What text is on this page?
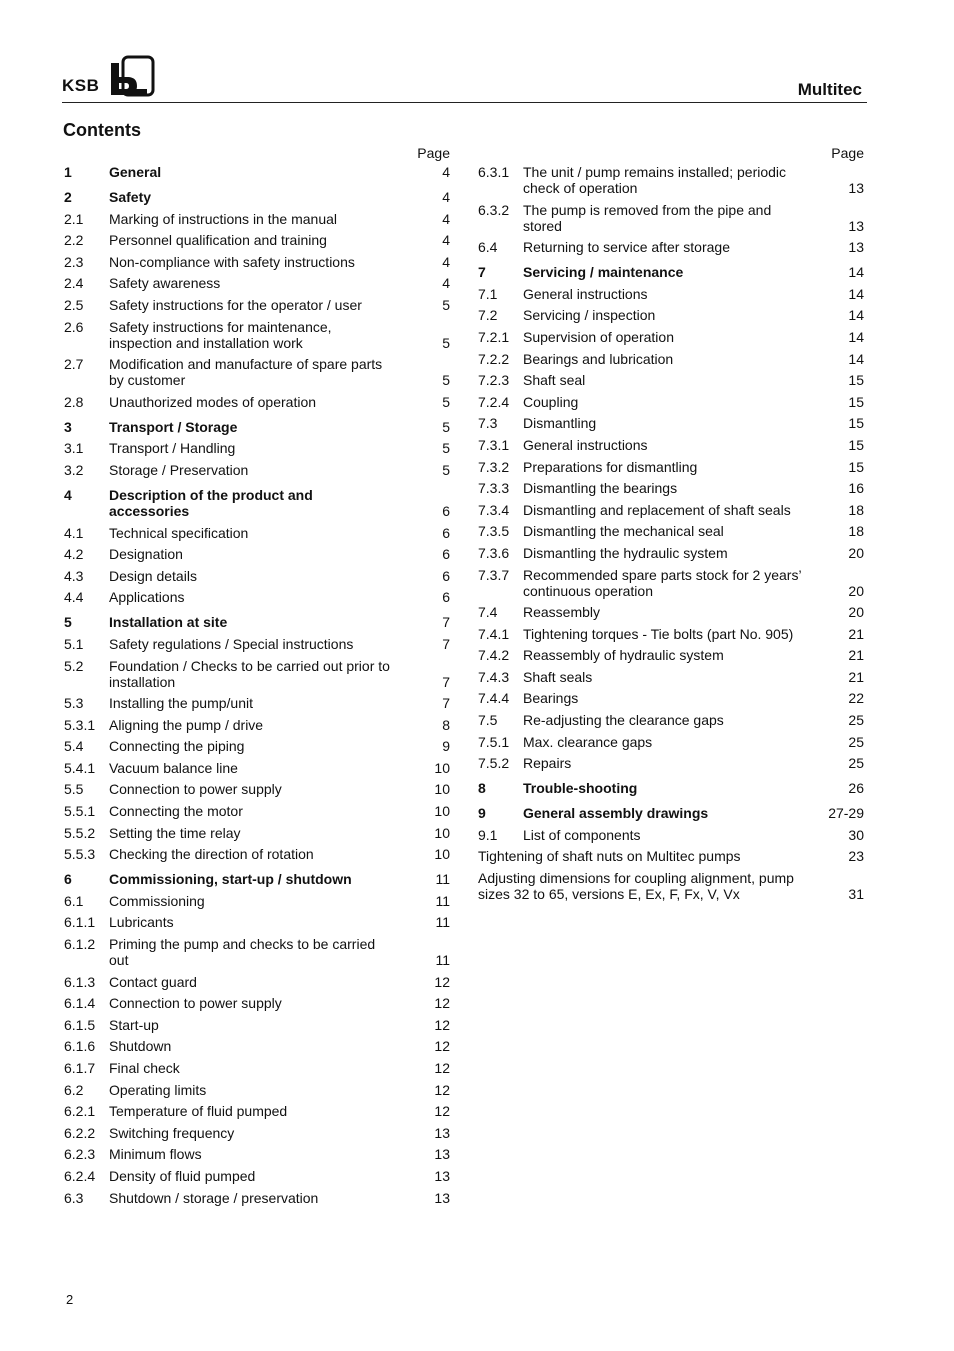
KSB	Multitec
Contents
Page
1	General	4
2	Safety	4
2.1	Marking of instructions in the manual	4
2.2	Personnel qualification and training	4
2.3	Non-compliance with safety instructions	4
2.4	Safety awareness	4
2.5	Safety instructions for the operator / user	5
2.6	Safety instructions for maintenance, inspection and installation work	5
2.7	Modification and manufacture of spare parts by customer	5
2.8	Unauthorized modes of operation	5
3	Transport / Storage	5
3.1	Transport / Handling	5
3.2	Storage / Preservation	5
4	Description of the product and accessories	6
4.1	Technical specification	6
4.2	Designation	6
4.3	Design details	6
4.4	Applications	6
5	Installation at site	7
5.1	Safety regulations / Special instructions	7
5.2	Foundation / Checks to be carried out prior to installation	7
5.3	Installing the pump/unit	7
5.3.1 Aligning the pump / drive	8
5.4	Connecting the piping	9
5.4.1 Vacuum balance line	10
5.5	Connection to power supply	10
5.5.1 Connecting the motor	10
5.5.2 Setting the time relay	10
5.5.3 Checking the direction of rotation	10
6	Commissioning, start-up / shutdown	11
6.1	Commissioning	11
6.1.1 Lubricants	11
6.1.2 Priming the pump and checks to be carried out	11
6.1.3 Contact guard	12
6.1.4 Connection to power supply	12
6.1.5 Start-up	12
6.1.6 Shutdown	12
6.1.7 Final check	12
6.2	Operating limits	12
6.2.1 Temperature of fluid pumped	12
6.2.2 Switching frequency	13
6.2.3 Minimum flows	13
6.2.4 Density of fluid pumped	13
6.3	Shutdown / storage / preservation	13
Page
6.3.1 The unit / pump remains installed; periodic check of operation	13
6.3.2 The pump is removed from the pipe and stored	13
6.4	Returning to service after storage	13
7	Servicing / maintenance	14
7.1	General instructions	14
7.2	Servicing / inspection	14
7.2.1 Supervision of operation	14
7.2.2 Bearings and lubrication	14
7.2.3 Shaft seal	15
7.2.4 Coupling	15
7.3	Dismantling	15
7.3.1 General instructions	15
7.3.2 Preparations for dismantling	15
7.3.3 Dismantling the bearings	16
7.3.4 Dismantling and replacement of shaft seals	18
7.3.5 Dismantling the mechanical seal	18
7.3.6 Dismantling the hydraulic system	20
7.3.7 Recommended spare parts stock for 2 years’ continuous operation	20
7.4	Reassembly	20
7.4.1 Tightening torques - Tie bolts (part No. 905)	21
7.4.2 Reassembly of hydraulic system	21
7.4.3 Shaft seals	21
7.4.4 Bearings	22
7.5	Re-adjusting the clearance gaps	25
7.5.1 Max. clearance gaps	25
7.5.2 Repairs	25
8	Trouble-shooting	26
9	General assembly drawings	27-29
9.1	List of components	30
Tightening of shaft nuts on Multitec pumps	23
Adjusting dimensions for coupling alignment, pump sizes 32 to 65, versions E, Ex, F, Fx, V, Vx	31
2
